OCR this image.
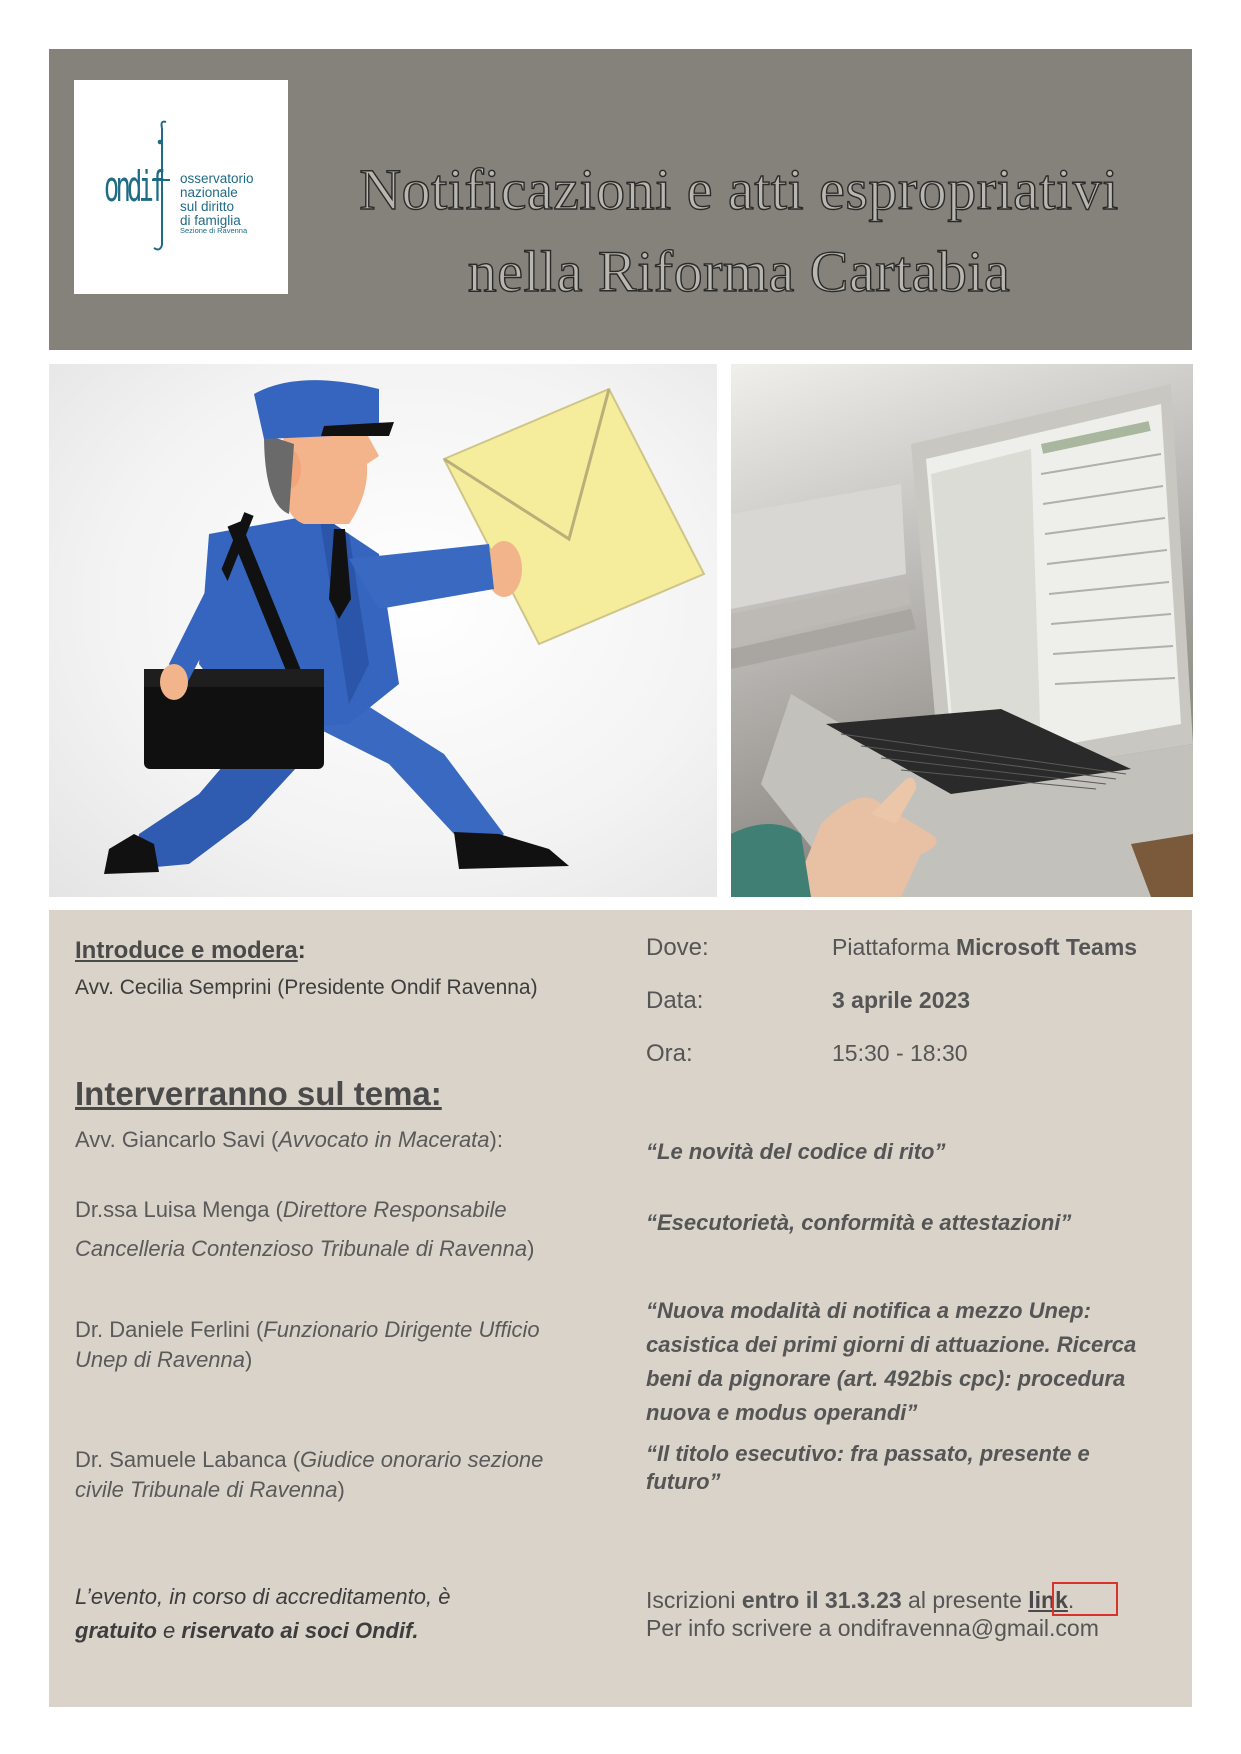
ondif osservatorio
nazionale
sul diritto
di famiglia
Sezione di Ravenna
Notificazioni e atti espropriativi
nella Riforma Cartabia
Introduce e modera:
Avv. Cecilia Semprini (Presidente Ondif Ravenna)
Dove:	Piattaforma Microsoft Teams
Data:	3 aprile 2023
Ora:	15:30 - 18:30
Interverranno sul tema:
Avv. Giancarlo Savi (Avvocato in Macerata):	“Le novità del codice di rito”
Dr.ssa Luisa Menga (Direttore Responsabile Cancelleria Contenzioso Tribunale di Ravenna)
“Esecutorietà, conformità e attestazioni”
Dr. Daniele Ferlini (Funzionario Dirigente Ufficio Unep di Ravenna)
“Nuova modalità di notifica a mezzo Unep: casistica dei primi giorni di attuazione. Ricerca beni da pignorare (art. 492bis cpc): procedura nuova e modus operandi”
Dr. Samuele Labanca (Giudice onorario sezione civile Tribunale di Ravenna)
“Il titolo esecutivo: fra passato, presente e futuro”
L’evento, in corso di accreditamento, è
gratuito e riservato ai soci Ondif.
Iscrizioni entro il 31.3.23 al presente link.
Per info scrivere a ondifravenna@gmail.com
